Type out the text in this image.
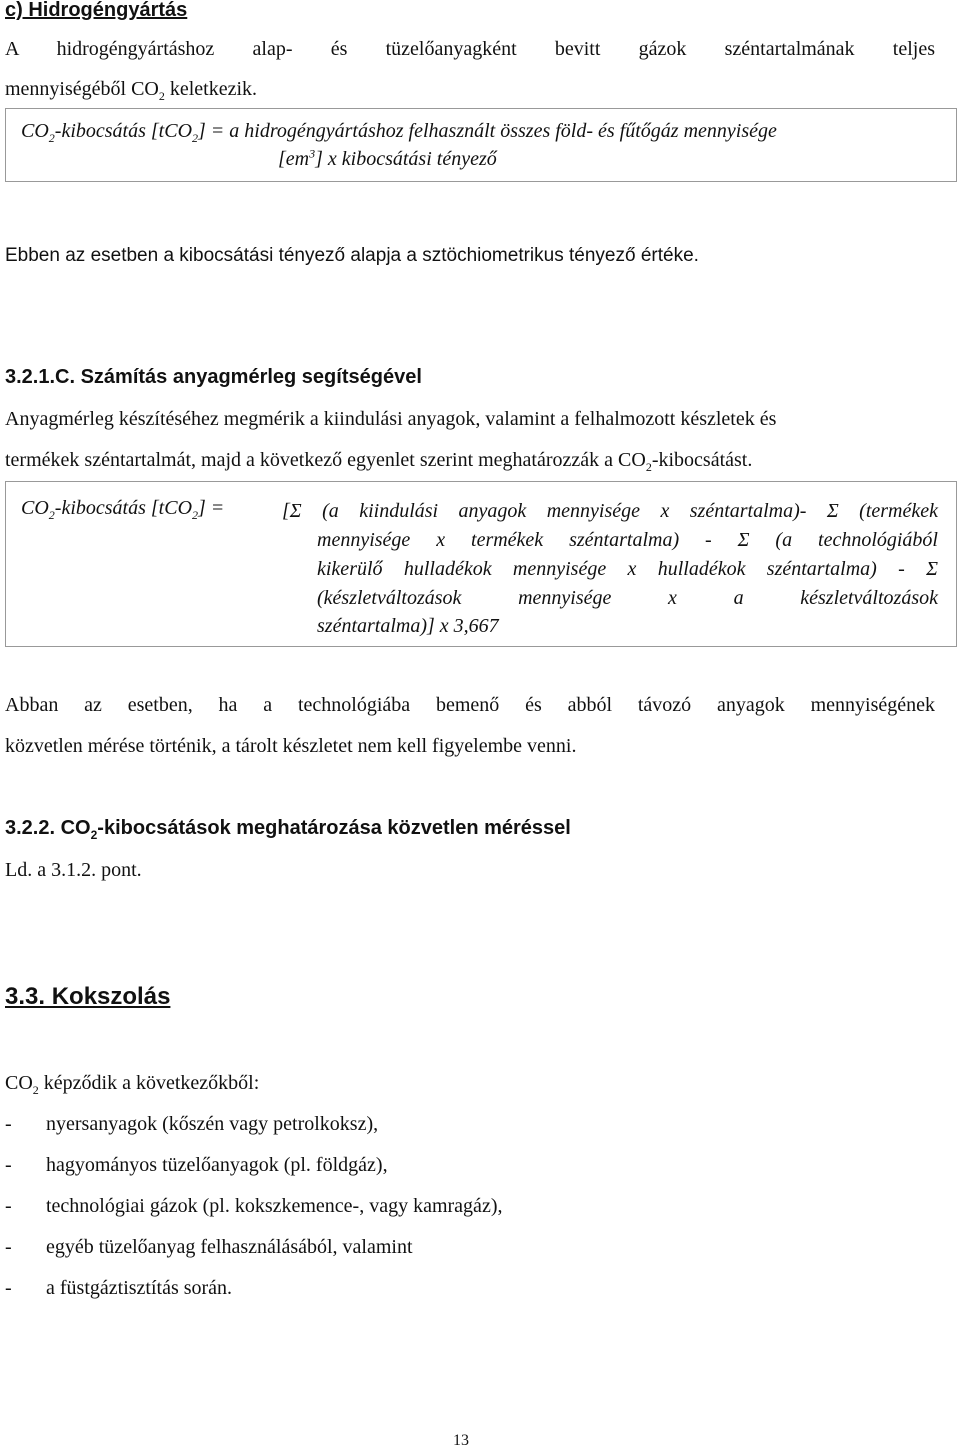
c) Hidrogéngyártás
A hidrogéngyártáshoz alap- és tüzelőanyagként bevitt gázok széntartalmának teljes
mennyiségéből $CO_2$ keletkezik.
$CO_2$-kibocsátás [tCO$_2$] = a hidrogéngyártáshoz felhasznált összes föld- és fűtőgáz mennyisége
$[em^3]$ x kibocsátási tényező
Ebben az esetben a kibocsátási tényező alapja a sztöchiometrikus tényező értéke.
3.2.1.C. Számítás anyagmérleg segítségével
Anyagmérleg készítéséhez megmérik a kiindulási anyagok, valamint a felhalmozott készletek és
termékek széntartalmát, majd a következő egyenlet szerint meghatározzák a $CO_2$-kibocsátást.
$CO_2$-kibocsátás [tCO$_2$] =	[Σ (a kiindulási anyagok mennyisége x széntartalma)- Σ (termékek
mennyisége x termékek széntartalma) - Σ (a technológiából
kikerülő hulladékok mennyisége x hulladékok széntartalma) - Σ
(készletváltozások mennyisége x a készletváltozások
széntartalma)] x 3,667
Abban az esetben, ha a technológiába bemenő és abból távozó anyagok mennyiségének
közvetlen mérése történik, a tárolt készletet nem kell figyelembe venni.
3.2.2. $CO_2$-kibocsátások meghatározása közvetlen méréssel
Ld. a 3.1.2. pont.
3.3. Kokszolás
$CO_2$ képződik a következőkből:
- nyersanyagok (kőszén vagy petrolkoksz),
- hagyományos tüzelőanyagok (pl. földgáz),
- technológiai gázok (pl. kokszkemence-, vagy kamragáz),
- egyéb tüzelőanyag felhasználásából, valamint
- a füstgáztisztítás során.
13
